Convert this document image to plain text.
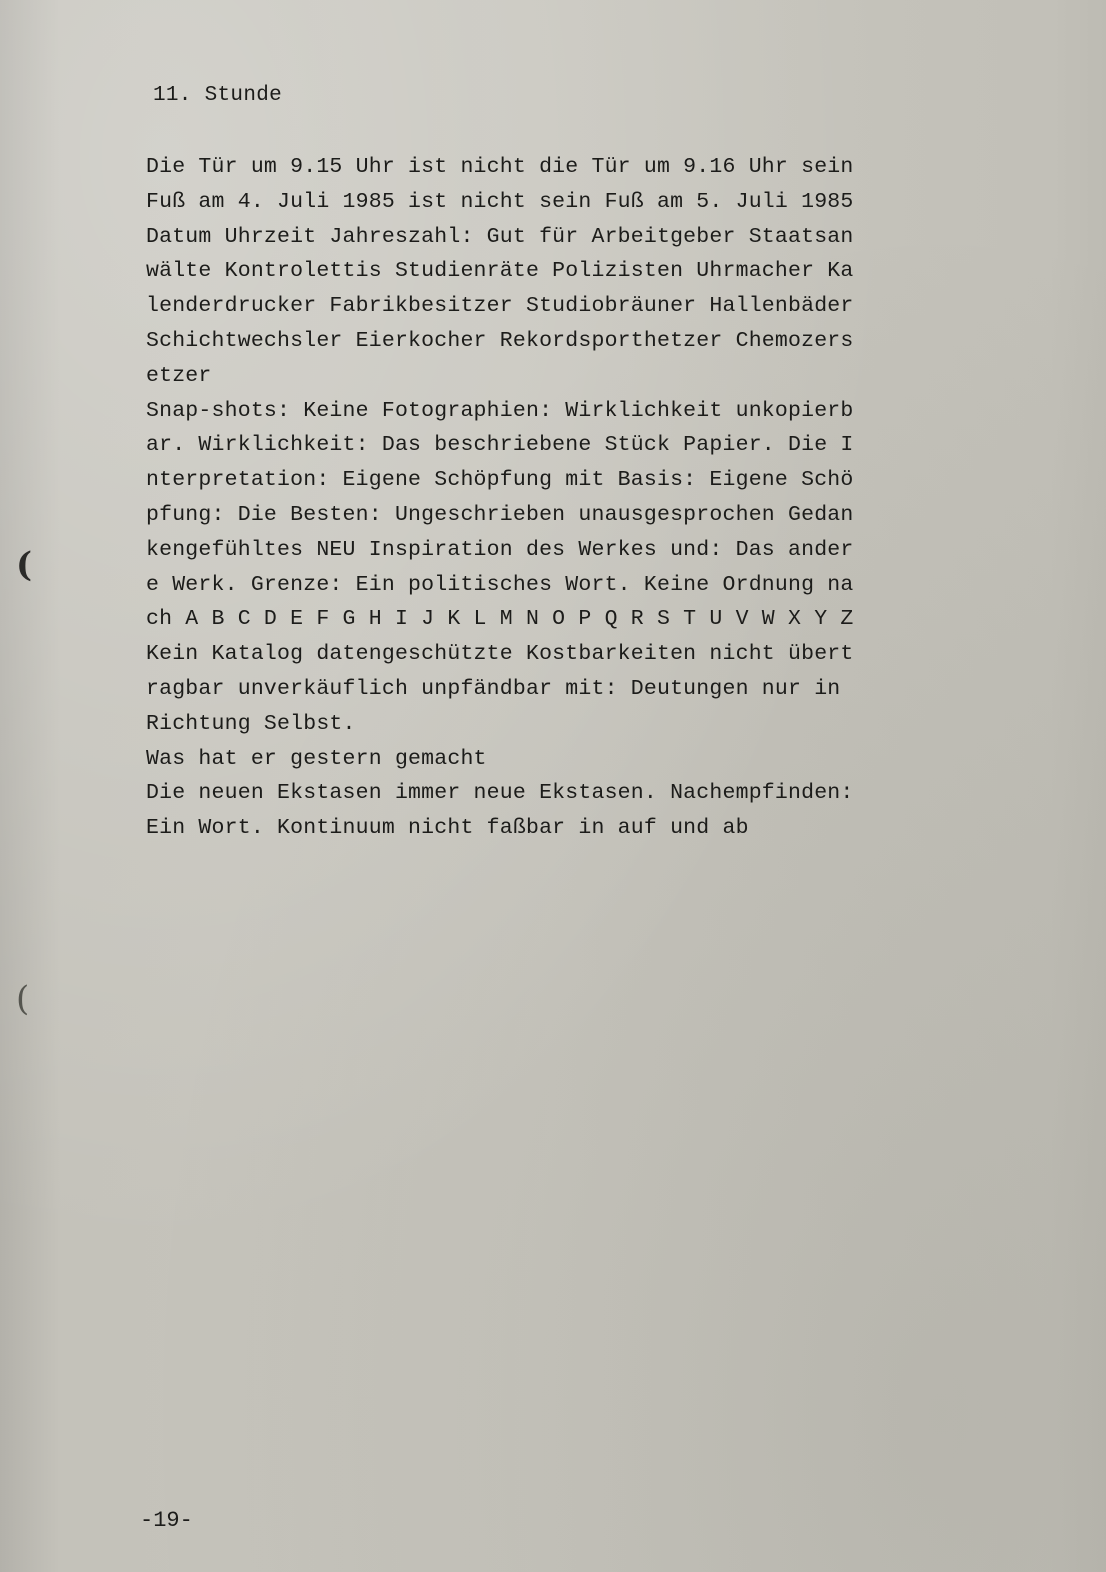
11. Stunde
Die Tür um 9.15 Uhr ist nicht die Tür um 9.16 Uhr sein
Fuß am 4. Juli 1985 ist nicht sein Fuß am 5. Juli 1985
Datum Uhrzeit Jahreszahl: Gut für Arbeitgeber Staatsan
wälte Kontrolettis Studienräte Polizisten Uhrmacher Ka
lenderdrucker Fabrikbesitzer Studiobräuner Hallenbäder
Schichtwechsler Eierkocher Rekordsporthetzer Chemozers
etzer
Snap-shots: Keine Fotographien: Wirklichkeit unkopierb
ar. Wirklichkeit: Das beschriebene Stück Papier. Die I
nterpretation: Eigene Schöpfung mit Basis: Eigene Schö
pfung: Die Besten: Ungeschrieben unausgesprochen Gedan
kengefühltes NEU Inspiration des Werkes und: Das ander
e Werk. Grenze: Ein politisches Wort. Keine Ordnung na
ch A B C D E F G H I J K L M N O P Q R S T U V W X Y Z
Kein Katalog datengeschützte Kostbarkeiten nicht übert
ragbar unverkäuflich unpfändbar mit: Deutungen nur in
Richtung Selbst.
Was hat er gestern gemacht
Die neuen Ekstasen immer neue Ekstasen. Nachempfinden:
Ein Wort. Kontinuum nicht faßbar in auf und ab
(
(
-19-
